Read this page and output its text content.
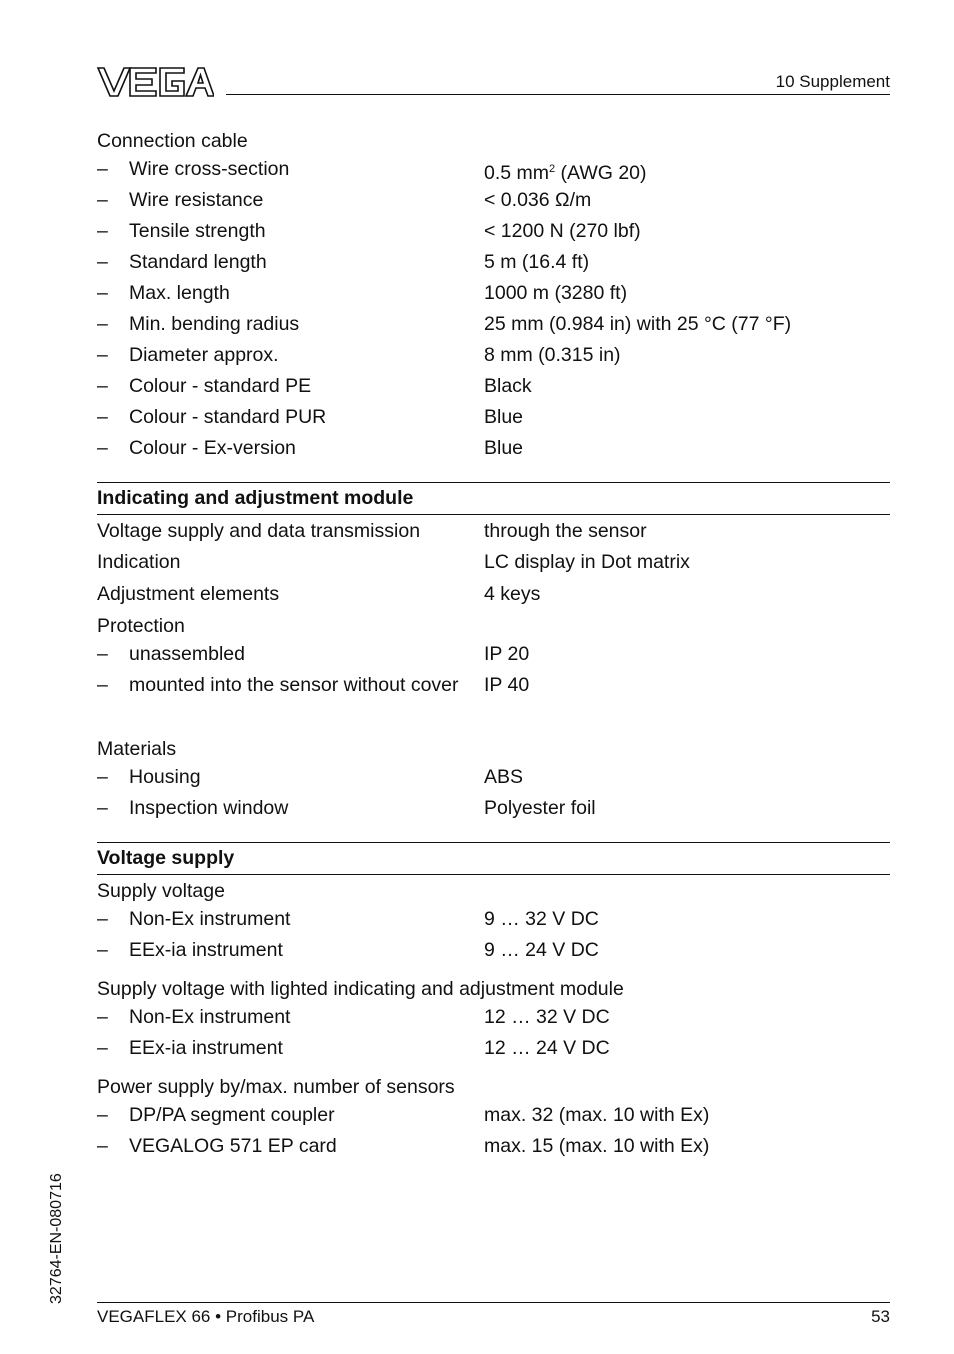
10 Supplement
Connection cable
– Wire cross-section	0.5 $mm^2$ (AWG 20)
– Wire resistance	< 0.036 Ω/m
– Tensile strength	< 1200 N (270 lbf)
– Standard length	5 m (16.4 ft)
– Max. length	1000 m (3280 ft)
– Min. bending radius	25 mm (0.984 in) with 25 °C (77 °F)
– Diameter approx.	8 mm (0.315 in)
– Colour - standard PE	Black
– Colour - standard PUR	Blue
– Colour - Ex-version	Blue
Indicating and adjustment module
Voltage supply and data transmission	through the sensor
Indication	LC display in Dot matrix
Adjustment elements	4 keys
Protection
– unassembled	IP 20
– mounted into the sensor without cover IP 40
Materials
– Housing	ABS
– Inspection window	Polyester foil
Voltage supply
Supply voltage
– Non-Ex instrument	9 … 32 V DC
– EEx-ia instrument	9 … 24 V DC
Supply voltage with lighted indicating and adjustment module
– Non-Ex instrument	12 … 32 V DC
– EEx-ia instrument	12 … 24 V DC
Power supply by/max. number of sensors
– DP/PA segment coupler	max. 32 (max. 10 with Ex)
– VEGALOG 571 EP card	max. 15 (max. 10 with Ex)
32764-EN-080716
VEGAFLEX 66 • Profibus PA	53
